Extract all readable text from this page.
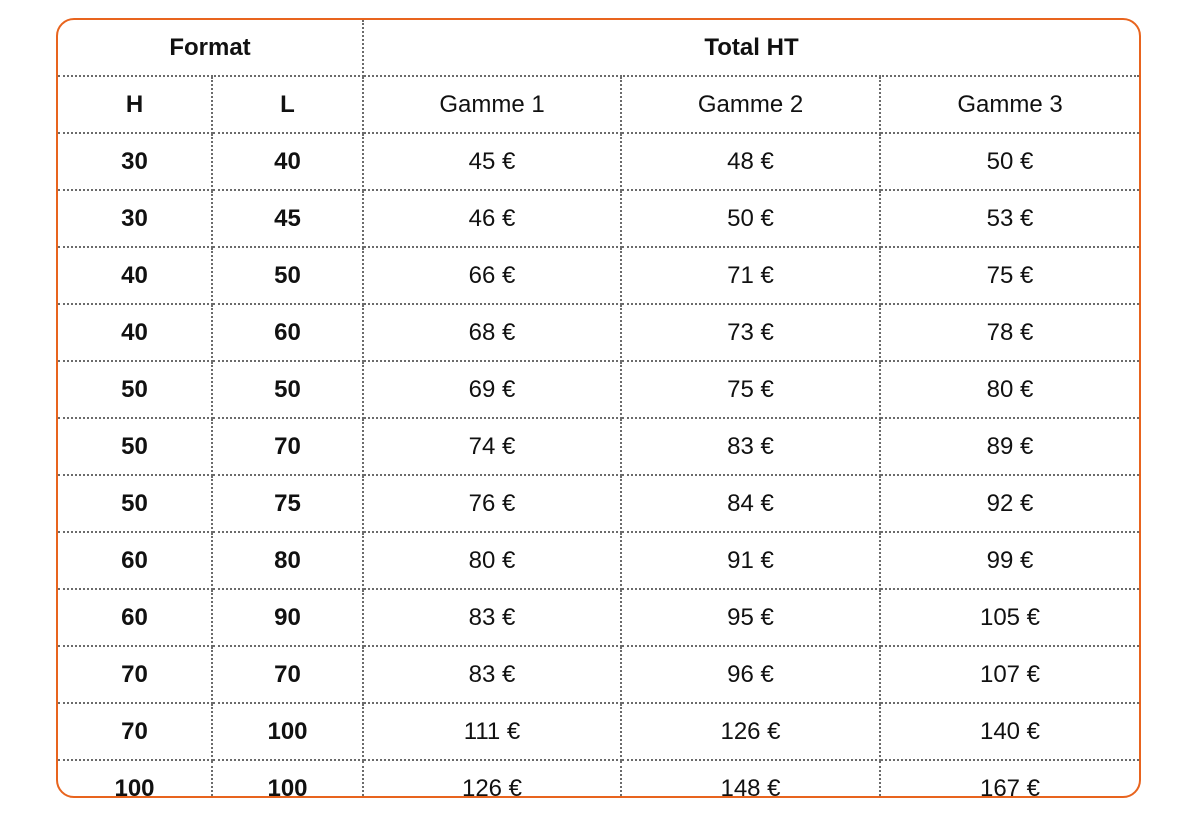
Format		Total HT		
H	L	Gamme 1	Gamme 2	Gamme 3
30	40	45 €	48 €	50 €
30	45	46 €	50 €	53 €
40	50	66 €	71 €	75 €
40	60	68 €	73 €	78 €
50	50	69 €	75 €	80 €
50	70	74 €	83 €	89 €
50	75	76 €	84 €	92 €
60	80	80 €	91 €	99 €
60	90	83 €	95 €	105 €
70	70	83 €	96 €	107 €
70	100	111 €	126 €	140 €
100	100	126 €	148 €	167 €
